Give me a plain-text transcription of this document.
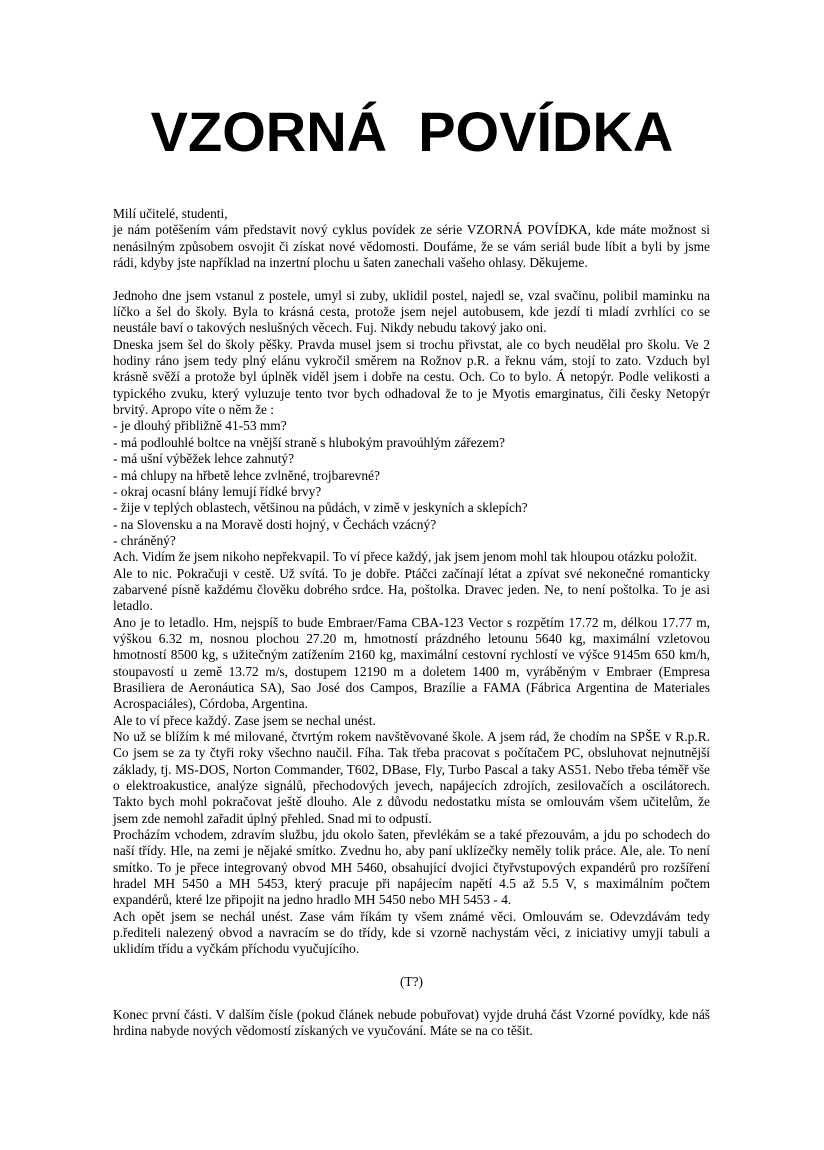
VZORNÁ  POVÍDKA

Milí učitelé, studenti,

je nám potěšením vám představit nový cyklus povídek ze série VZORNÁ POVÍDKA, kde máte možnost si nenásilným způsobem osvojit či získat nové vědomosti. Doufáme, že se vám seriál bude líbit a byli by jsme rádi, kdyby jste například na inzertní plochu u šaten zanechali vašeho ohlasy. Děkujeme.

Jednoho dne jsem vstanul z postele, umyl si zuby, uklidil postel, najedl se, vzal svačinu, polibil maminku na líčko a šel do školy. Byla to krásná cesta, protože jsem nejel autobusem, kde jezdí ti mladí zvrhlíci co se neustále baví o takových neslušných věcech. Fuj. Nikdy nebudu takový jako oni.

Dneska jsem šel do školy pěšky. Pravda musel jsem si trochu přivstat, ale co bych neudělal pro školu. Ve 2 hodiny ráno jsem tedy plný elánu vykročil směrem na Rožnov p.R. a řeknu vám, stojí to zato. Vzduch byl krásně svěží a protože byl úplněk viděl jsem i dobře na cestu. Och. Co to bylo. Á netopýr. Podle velikosti a typického zvuku, který vyluzuje tento tvor bych odhadoval že to je Myotis emarginatus, čili česky Netopýr brvitý. Apropo víte o něm že :

- je dlouhý přibližně 41-53 mm?

- má podlouhlé boltce na vnější straně s hlubokým pravoúhlým zářezem?

- má ušní výběžek lehce zahnutý?

- má chlupy na hřbetě lehce zvlněné, trojbarevné?

- okraj ocasní blány lemují řídké brvy?

- žije v teplých oblastech, většinou na půdách, v zimě v jeskyních a sklepích?

- na Slovensku a na Moravě dosti hojný, v Čechách vzácný?

- chráněný?

Ach. Vidím že jsem nikoho nepřekvapil. To ví přece každý, jak jsem jenom mohl tak hloupou otázku položit.

Ale to nic. Pokračuji v cestě. Už svítá. To je dobře. Ptáčci začínají létat a zpívat své nekonečné romanticky zabarvené písně každému člověku dobrého srdce. Ha, poštolka. Dravec jeden. Ne, to není poštolka. To je asi letadlo.

Ano je to letadlo. Hm, nejspíš to bude Embraer/Fama CBA-123 Vector s rozpětím 17.72 m, délkou 17.77 m, výškou 6.32 m, nosnou plochou 27.20 m, hmotností prázdného letounu 5640 kg, maximální vzletovou hmotností 8500 kg, s užitečným zatížením 2160 kg, maximální cestovní rychlostí ve výšce 9145m 650 km/h, stoupavostí u země 13.72 m/s, dostupem 12190 m a doletem 1400 m, vyráběným v Embraer (Empresa Brasiliera de Aeronáutica SA), Sao José dos Campos, Brazílie a FAMA (Fábrica Argentina de Materiales Acrospaciáles), Córdoba, Argentina.

Ale to ví přece každý. Zase jsem se nechal unést.

No už se blížím k mé milované, čtvrtým rokem navštěvované škole. A jsem rád, že chodím na SPŠE v R.p.R. Co jsem se za ty čtyři roky všechno naučil. Fíha. Tak třeba pracovat s počítačem PC, obsluhovat nejnutnější základy, tj. MS-DOS, Norton Commander, T602, DBase, Fly, Turbo Pascal a taky AS51. Nebo třeba téměř vše o elektroakustice, analýze signálů, přechodových jevech, napájecích zdrojích, zesilovačích a oscilátorech. Takto bych mohl pokračovat ještě dlouho. Ale z důvodu nedostatku místa se omlouvám všem učitelům, že jsem zde nemohl zařadit úplný přehled. Snad mi to odpustí.

Procházím vchodem, zdravím službu, jdu okolo šaten, převlékám se a také přezouvám, a jdu po schodech do naší třídy. Hle, na zemi je nějaké smítko. Zvednu ho, aby paní uklízečky neměly tolik práce. Ale, ale. To není smítko. To je přece integrovaný obvod MH 5460, obsahující dvojici čtyřvstupových expandérů pro rozšíření hradel MH 5450 a MH 5453, který pracuje při napájecím napětí 4.5 až 5.5 V, s maximálním počtem expandérů, které lze připojit na jedno hradlo MH 5450 nebo MH 5453 - 4.

Ach opět jsem se nechál unést. Zase vám říkám ty všem známé věci. Omlouvám se. Odevzdávám tedy p.řediteli nalezený obvod a navracím se do třídy, kde si vzorně nachystám věci, z iniciativy umyji tabuli a uklidím třídu a vyčkám příchodu vyučujícího.

(T?)

Konec první části. V dalším čísle (pokud článek nebude pobuřovat) vyjde druhá část Vzorné povídky, kde náš hrdina nabyde nových vědomostí získaných ve vyučování. Máte se na co těšit.
